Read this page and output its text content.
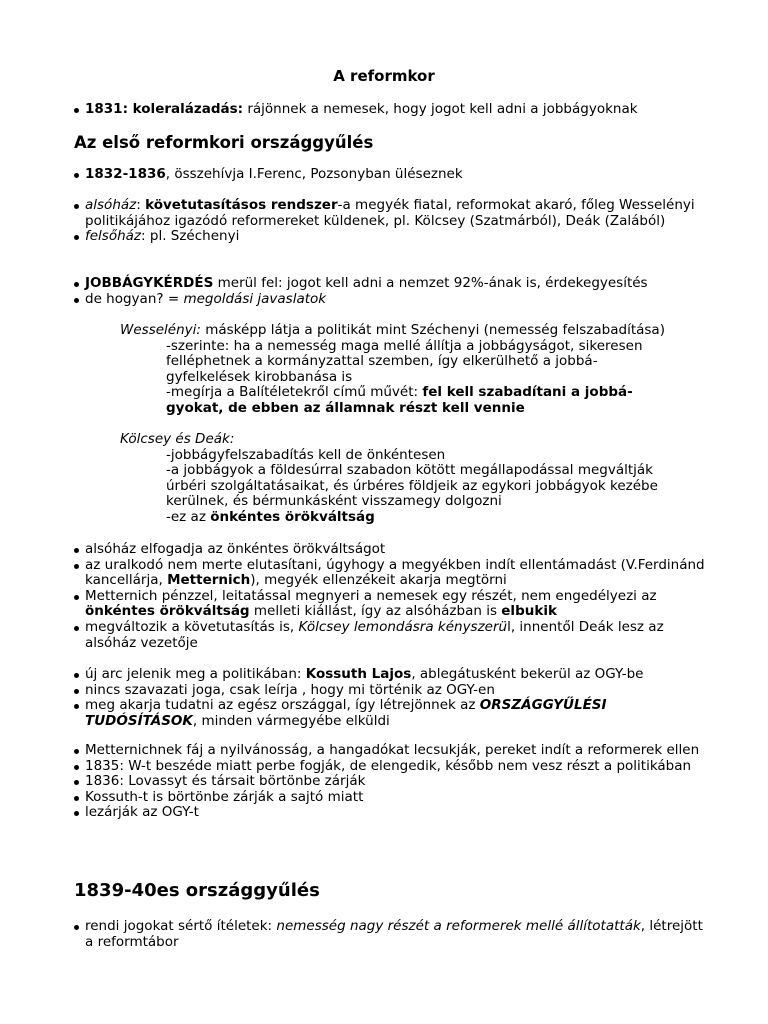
A reformkor
1831: koleralázadás: rájönnek a nemesek, hogy jogot kell adni a jobbágyoknak
Az első reformkori országgyűlés
1832-1836, összehívja I.Ferenc, Pozsonyban üléseznek
alsóház: követutasításos rendszer-a megyék fiatal, reformokat akaró, főleg Wesselényi politikájához igazódó reformereket küldenek, pl. Kölcsey (Szatmárból), Deák (Zalából)
felsőház: pl. Széchenyi
JOBBÁGYKÉRDÉS merül fel: jogot kell adni a nemzet 92%-ának is, érdekegyesítés
de hogyan? = megoldási javaslatok
Wesselényi: másképp látja a politikát mint Széchenyi (nemesség felszabadítása)
-szerinte: ha a nemesség maga mellé állítja a jobbágyságot, sikeresen
felléphetnek a kormányzattal szemben, így elkerülhető a jobbá-
gyfelkelések kirobbanása is
-megírja a Balítéletekről című művét: fel kell szabadítani a jobbá-
gyokat, de ebben az államnak részt kell vennie
Kölcsey és Deák:
-jobbágyfelszabadítás kell de önkéntesen
-a jobbágyok a földesúrral szabadon kötött megállapodással megváltják
úrbéri szolgáltatásaikat, és úrbéres földjeik az egykori jobbágyok kezébe
kerülnek, és bérmunkásként visszamegy dolgozni
-ez az önkéntes örökváltság
alsóház elfogadja az önkéntes örökváltságot
az uralkodó nem merte elutasítani, úgyhogy a megyékben indít ellentámadást (V.Ferdinánd kancellárja, Metternich), megyék ellenzékeit akarja megtörni
Metternich pénzzel, leitatással megnyeri a nemesek egy részét, nem engedélyezi az önkéntes örökváltság melleti kiállást, így az alsóházban is elbukik
megváltozik a követutasítás is, Kölcsey lemondásra kényszerül, innentől Deák lesz az alsóház vezetője
új arc jelenik meg a politikában: Kossuth Lajos, ablegátusként bekerül az OGY-be
nincs szavazati joga, csak leírja , hogy mi történik az OGY-en
meg akarja tudatni az egész országgal, így létrejönnek az ORSZÁGGYŰLÉSI TUDÓSÍTÁSOK, minden vármegyébe elküldi
Metternichnek fáj a nyilvánosság, a hangadókat lecsukják, pereket indít a reformerek ellen
1835: W-t beszéde miatt perbe fogják, de elengedik, később nem vesz részt a politikában
1836: Lovassyt és társait börtönbe zárják
Kossuth-t is börtönbe zárják a sajtó miatt
lezárják az OGY-t
1839-40es országgyűlés
rendi jogokat sértő ítéletek: nemesség nagy részét a reformerek mellé állítotatták, létrejött a reformtábor
